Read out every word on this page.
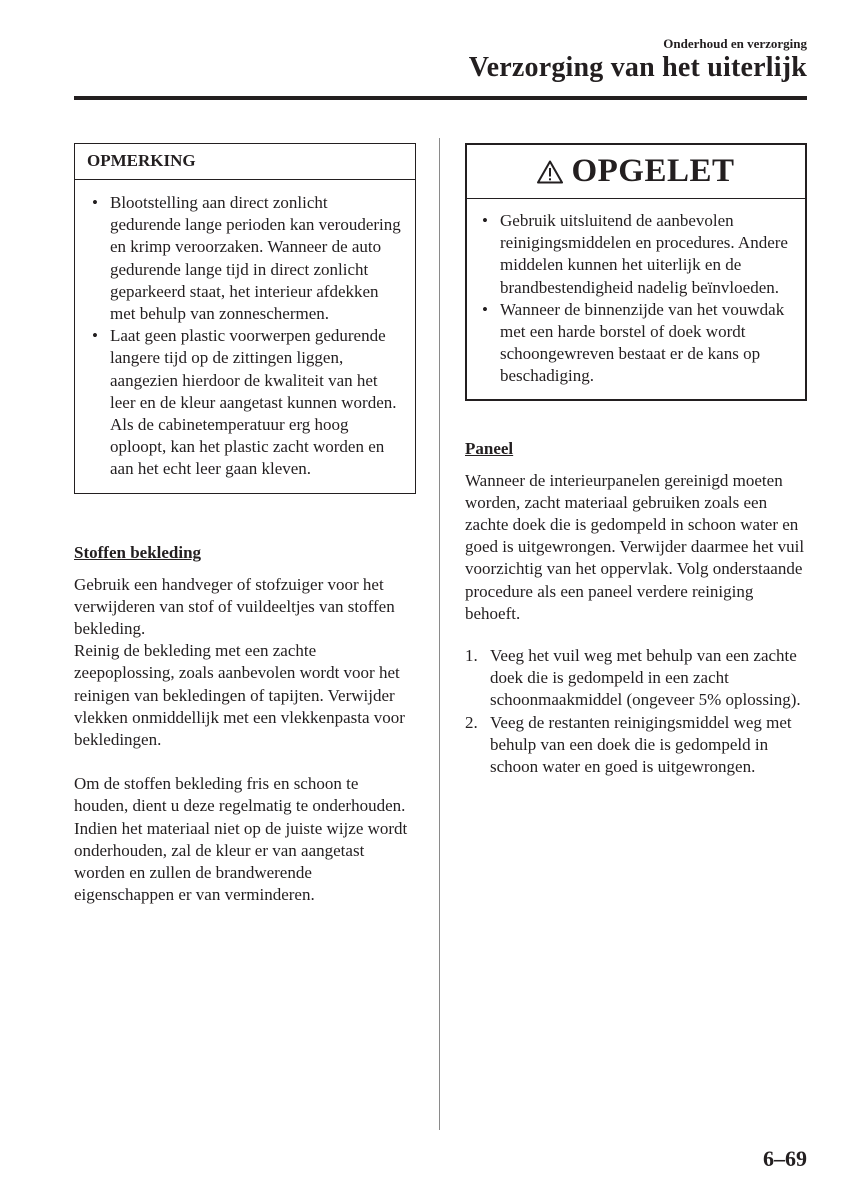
Onderhoud en verzorging
Verzorging van het uiterlijk
OPMERKING
• Blootstelling aan direct zonlicht gedurende lange perioden kan veroudering en krimp veroorzaken. Wanneer de auto gedurende lange tijd in direct zonlicht geparkeerd staat, het interieur afdekken met behulp van zonneschermen.
• Laat geen plastic voorwerpen gedurende langere tijd op de zittingen liggen, aangezien hierdoor de kwaliteit van het leer en de kleur aangetast kunnen worden. Als de cabinetemperatuur erg hoog oploopt, kan het plastic zacht worden en aan het echt leer gaan kleven.
Stoffen bekleding

Gebruik een handveger of stofzuiger voor het verwijderen van stof of vuildeeltjes van stoffen bekleding.

Reinig de bekleding met een zachte zeepoplossing, zoals aanbevolen wordt voor het reinigen van bekledingen of tapijten. Verwijder vlekken onmiddellijk met een vlekkenpasta voor bekledingen.

Om de stoffen bekleding fris en schoon te houden, dient u deze regelmatig te onderhouden. Indien het materiaal niet op de juiste wijze wordt onderhouden, zal de kleur er van aangetast worden en zullen de brandwerende eigenschappen er van verminderen.

OPGELET
• Gebruik uitsluitend de aanbevolen reinigingsmiddelen en procedures. Andere middelen kunnen het uiterlijk en de brandbestendigheid nadelig beïnvloeden.
• Wanneer de binnenzijde van het vouwdak met een harde borstel of doek wordt schoongewreven bestaat er de kans op beschadiging.
Paneel

Wanneer de interieurpanelen gereinigd moeten worden, zacht materiaal gebruiken zoals een zachte doek die is gedompeld in schoon water en goed is uitgewrongen. Verwijder daarmee het vuil voorzichtig van het oppervlak. Volg onderstaande procedure als een paneel verdere reiniging behoeft.

1. Veeg het vuil weg met behulp van een zachte doek die is gedompeld in een zacht schoonmaakmiddel (ongeveer 5% oplossing).
2. Veeg de restanten reinigingsmiddel weg met behulp van een doek die is gedompeld in schoon water en goed is uitgewrongen.
6–69
